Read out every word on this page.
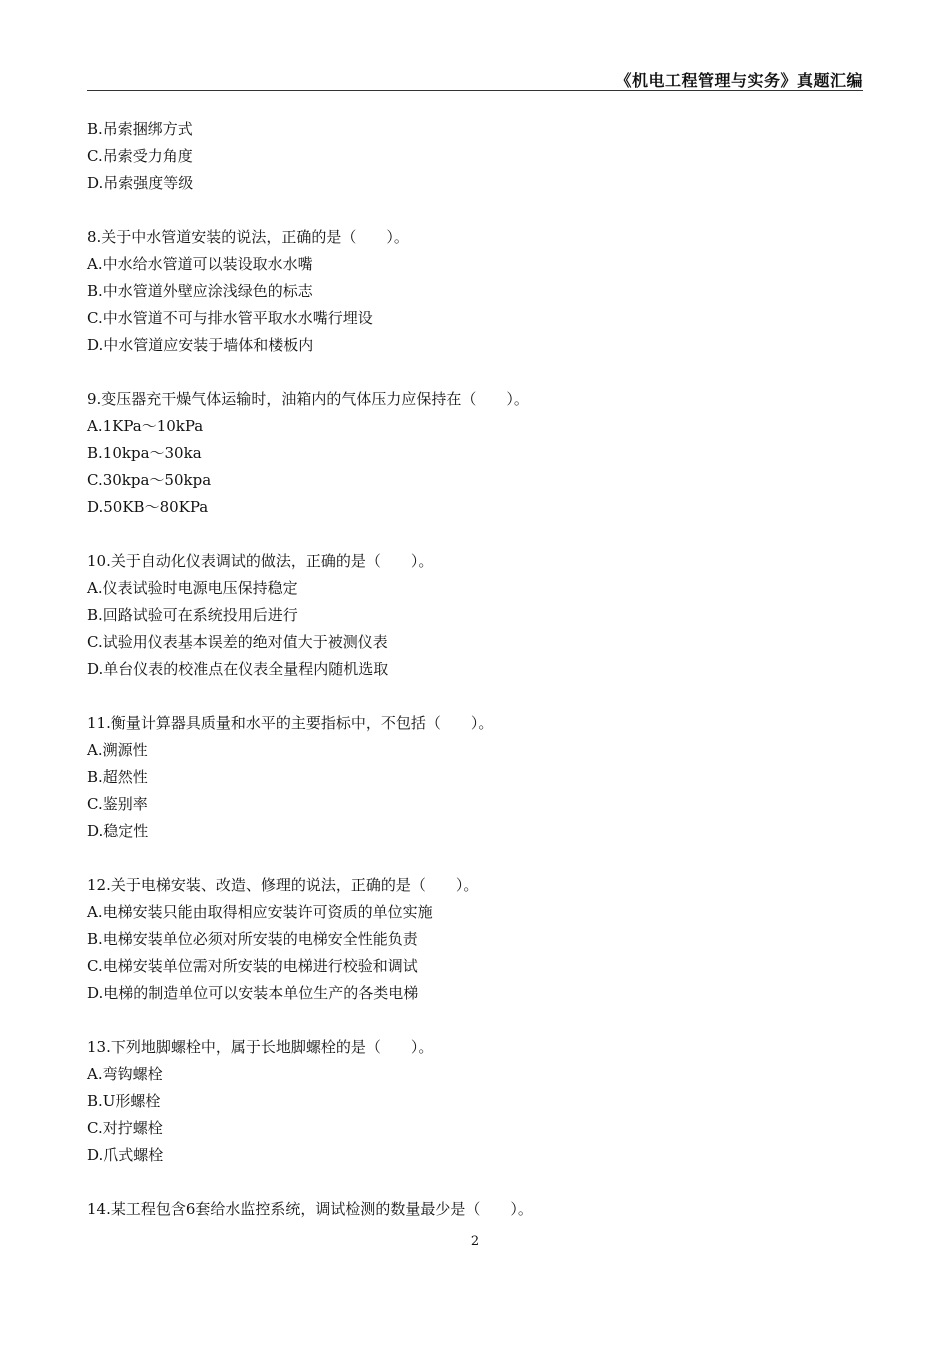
《机电工程管理与实务》真题汇编
B.吊索捆绑方式
C.吊索受力角度
D.吊索强度等级
8.关于中水管道安装的说法，正确的是（　　）。
A.中水给水管道可以装设取水水嘴
B.中水管道外壁应涂浅绿色的标志
C.中水管道不可与排水管平取水水嘴行埋设
D.中水管道应安装于墙体和楼板内
9.变压器充干燥气体运输时，油箱内的气体压力应保持在（　　）。
A.1KPa～10kPa
B.10kpa～30ka
C.30kpa～50kpa
D.50KB～80KPa
10.关于自动化仪表调试的做法，正确的是（　　）。
A.仪表试验时电源电压保持稳定
B.回路试验可在系统投用后进行
C.试验用仪表基本误差的绝对值大于被测仪表
D.单台仪表的校准点在仪表全量程内随机选取
11.衡量计算器具质量和水平的主要指标中，不包括（　　）。
A.溯源性
B.超然性
C.鉴别率
D.稳定性
12.关于电梯安装、改造、修理的说法，正确的是（　　）。
A.电梯安装只能由取得相应安装许可资质的单位实施
B.电梯安装单位必须对所安装的电梯安全性能负责
C.电梯安装单位需对所安装的电梯进行校验和调试
D.电梯的制造单位可以安装本单位生产的各类电梯
13.下列地脚螺栓中，属于长地脚螺栓的是（　　）。
A.弯钩螺栓
B.U形螺栓
C.对拧螺栓
D.爪式螺栓
14.某工程包含6套给水监控系统，调试检测的数量最少是（　　）。
2
